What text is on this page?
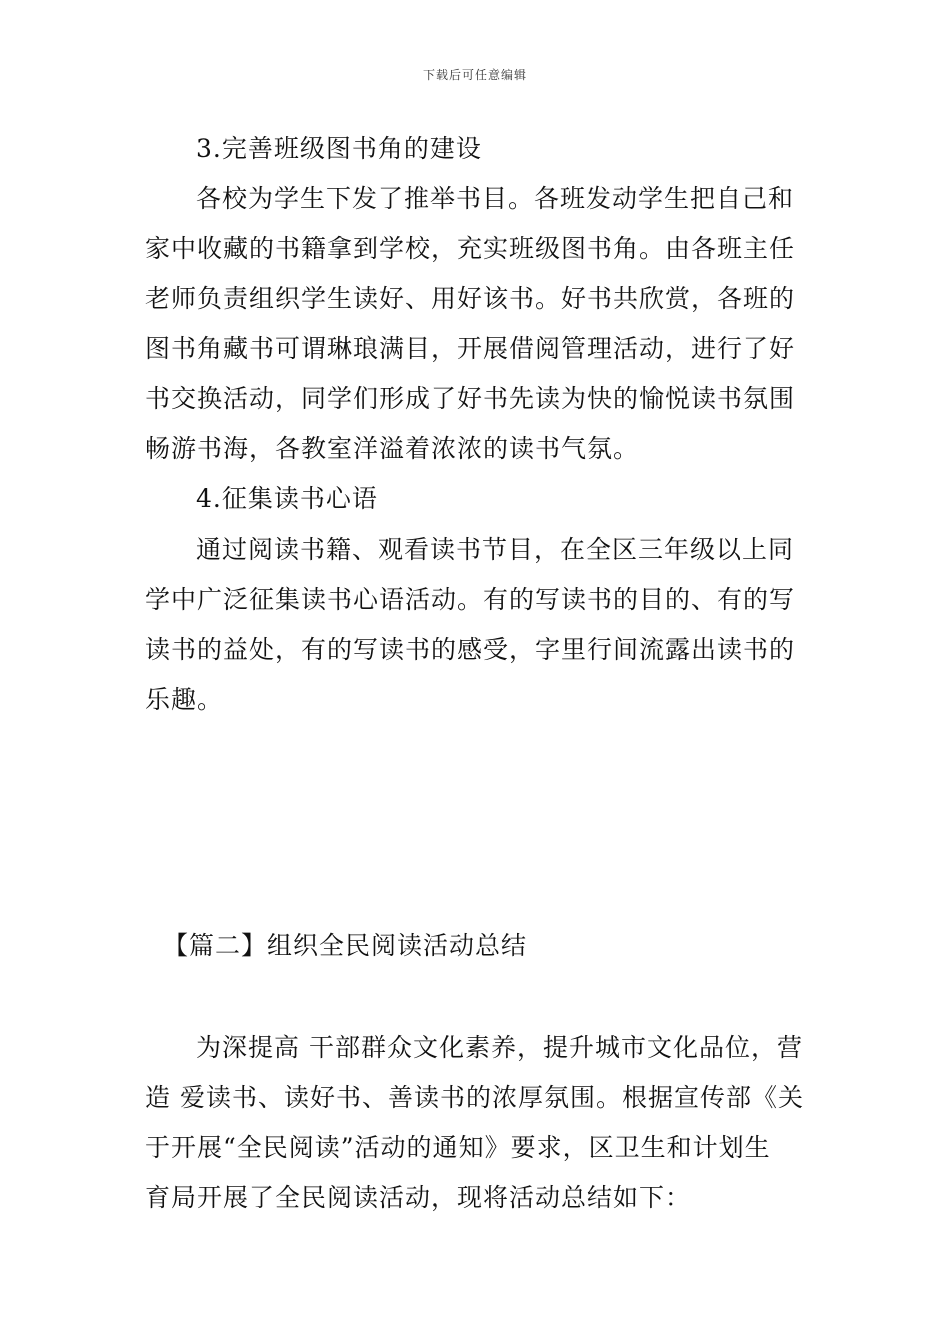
下载后可任意编辑
3.完善班级图书角的建设
各校为学生下发了推举书目。各班发动学生把自己和
家中收藏的书籍拿到学校，充实班级图书角。由各班主任
老师负责组织学生读好、用好该书。好书共欣赏，各班的
图书角藏书可谓琳琅满目，开展借阅管理活动，进行了好
书交换活动，同学们形成了好书先读为快的愉悦读书氛围
畅游书海，各教室洋溢着浓浓的读书气氛。
4.征集读书心语
通过阅读书籍、观看读书节目，在全区三年级以上同
学中广泛征集读书心语活动。有的写读书的目的、有的写
读书的益处，有的写读书的感受，字里行间流露出读书的
乐趣。
【篇二】组织全民阅读活动总结
为深提高 干部群众文化素养，提升城市文化品位，营
造 爱读书、读好书、善读书的浓厚氛围。根据宣传部《关
于开展“全民阅读”活动的通知》要求，区卫生和计划生
育局开展了全民阅读活动，现将活动总结如下：
